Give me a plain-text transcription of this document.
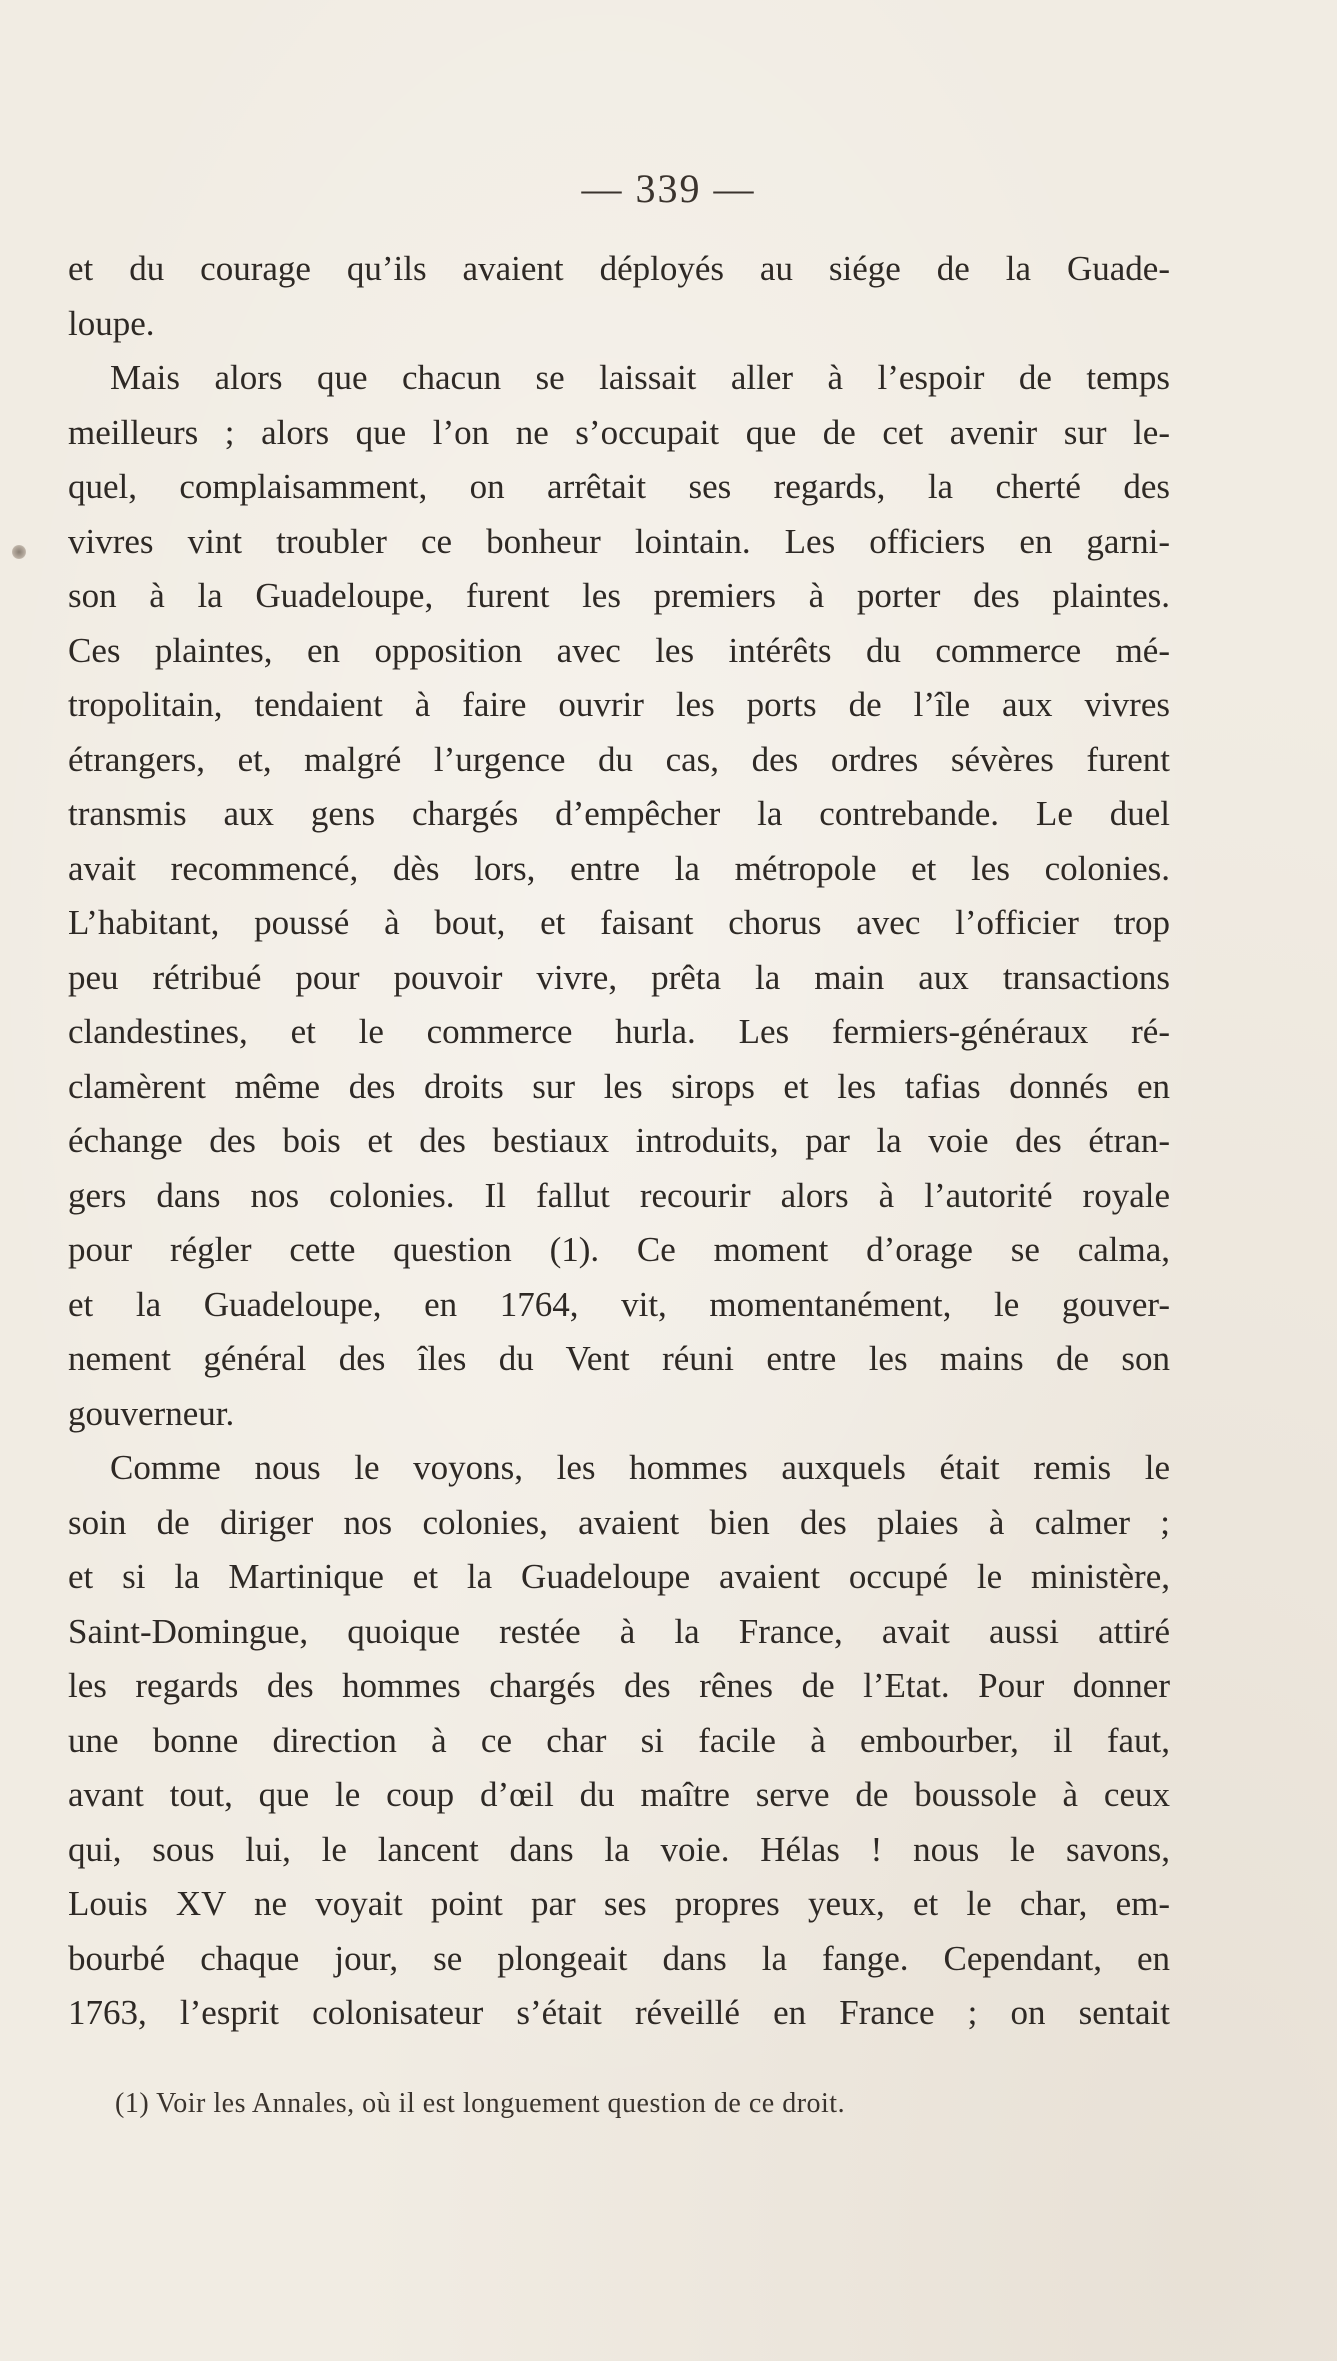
— 339 —
et du courage qu’ils avaient déployés au siége de la Guade-
loupe.
Mais alors que chacun se laissait aller à l’espoir de temps
meilleurs ; alors que l’on ne s’occupait que de cet avenir sur le-
quel, complaisamment, on arrêtait ses regards, la cherté des
vivres vint troubler ce bonheur lointain. Les officiers en garni-
son à la Guadeloupe, furent les premiers à porter des plaintes.
Ces plaintes, en opposition avec les intérêts du commerce mé-
tropolitain, tendaient à faire ouvrir les ports de l’île aux vivres
étrangers, et, malgré l’urgence du cas, des ordres sévères furent
transmis aux gens chargés d’empêcher la contrebande. Le duel
avait recommencé, dès lors, entre la métropole et les colonies.
L’habitant, poussé à bout, et faisant chorus avec l’officier trop
peu rétribué pour pouvoir vivre, prêta la main aux transactions
clandestines, et le commerce hurla. Les fermiers-généraux ré-
clamèrent même des droits sur les sirops et les tafias donnés en
échange des bois et des bestiaux introduits, par la voie des étran-
gers dans nos colonies. Il fallut recourir alors à l’autorité royale
pour régler cette question (1). Ce moment d’orage se calma,
et la Guadeloupe, en 1764, vit, momentanément, le gouver-
nement général des îles du Vent réuni entre les mains de son
gouverneur.
Comme nous le voyons, les hommes auxquels était remis le
soin de diriger nos colonies, avaient bien des plaies à calmer ;
et si la Martinique et la Guadeloupe avaient occupé le ministère,
Saint-Domingue, quoique restée à la France, avait aussi attiré
les regards des hommes chargés des rênes de l’Etat. Pour donner
une bonne direction à ce char si facile à embourber, il faut,
avant tout, que le coup d’œil du maître serve de boussole à ceux
qui, sous lui, le lancent dans la voie. Hélas ! nous le savons,
Louis XV ne voyait point par ses propres yeux, et le char, em-
bourbé chaque jour, se plongeait dans la fange. Cependant, en
1763, l’esprit colonisateur s’était réveillé en France ; on sentait
(1) Voir les Annales, où il est longuement question de ce droit.
